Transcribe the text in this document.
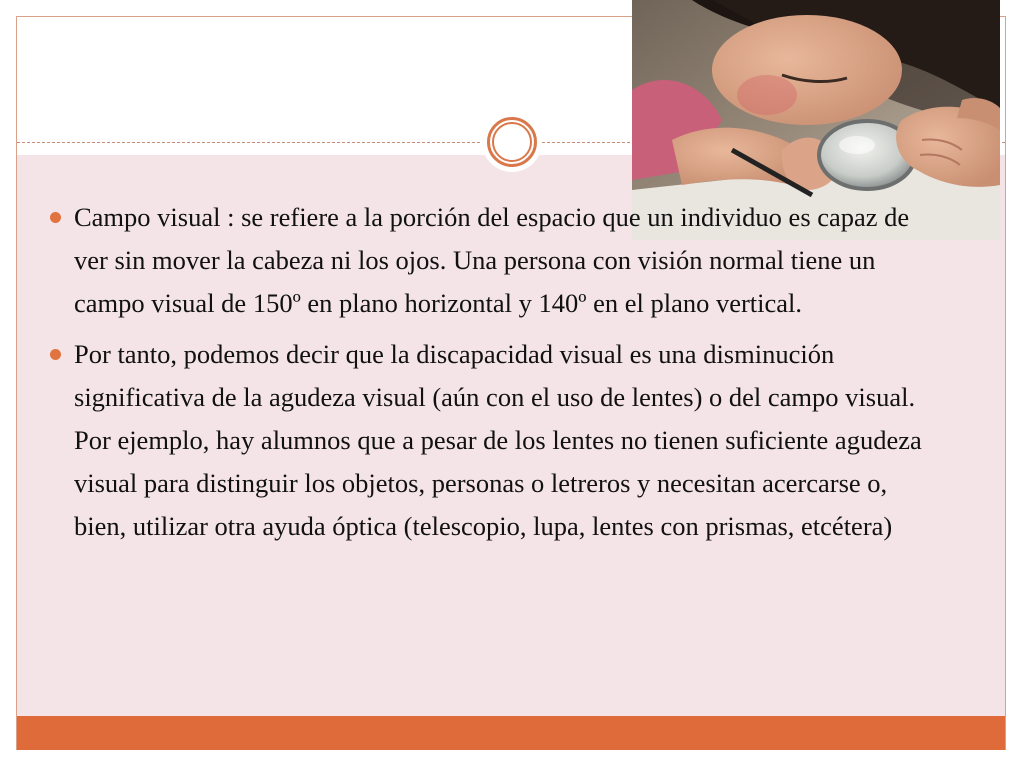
Campo visual : se refiere a la porción del espacio que un individuo es capaz de ver sin mover la cabeza ni los ojos. Una persona con visión normal tiene un campo visual de 150º en plano horizontal y 140º en el plano vertical.
Por tanto, podemos decir que la discapacidad visual es una disminución significativa de la agudeza visual (aún con el uso de lentes) o del campo visual. Por ejemplo, hay alumnos que a pesar de los lentes no tienen suficiente agudeza visual para distinguir los objetos, personas o letreros y necesitan acercarse o, bien, utilizar otra ayuda óptica (telescopio, lupa, lentes con prismas, etcétera)
